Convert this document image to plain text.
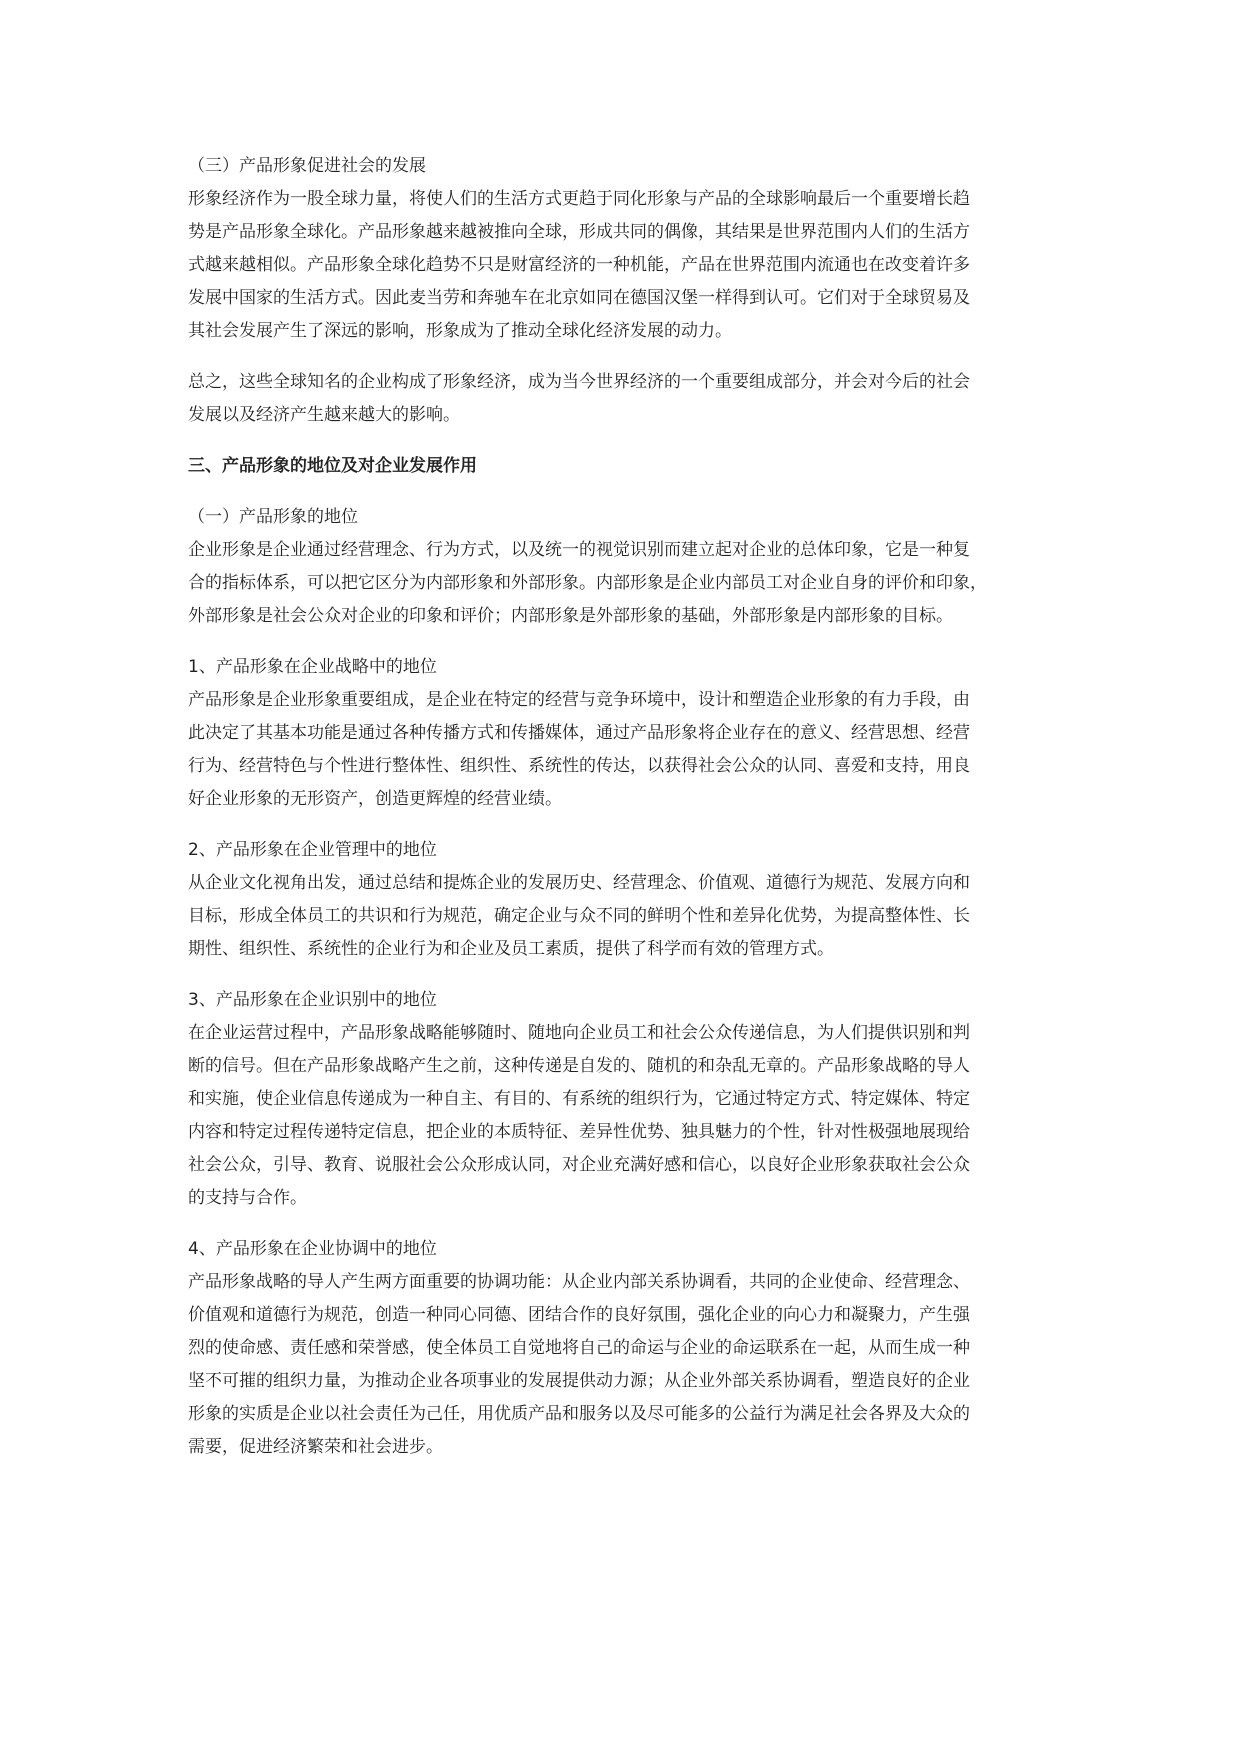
（三）产品形象促进社会的发展

形象经济作为一股全球力量，将使人们的生活方式更趋于同化形象与产品的全球影响最后一个重要增长趋

势是产品形象全球化。产品形象越来越被推向全球，形成共同的偶像，其结果是世界范围内人们的生活方

式越来越相似。产品形象全球化趋势不只是财富经济的一种机能，产品在世界范围内流通也在改变着许多

发展中国家的生活方式。因此麦当劳和奔驰车在北京如同在德国汉堡一样得到认可。它们对于全球贸易及

其社会发展产生了深远的影响，形象成为了推动全球化经济发展的动力。

总之，这些全球知名的企业构成了形象经济，成为当今世界经济的一个重要组成部分，并会对今后的社会

发展以及经济产生越来越大的影响。

三、产品形象的地位及对企业发展作用

（一）产品形象的地位

企业形象是企业通过经营理念、行为方式，以及统一的视觉识别而建立起对企业的总体印象，它是一种复

合的指标体系，可以把它区分为内部形象和外部形象。内部形象是企业内部员工对企业自身的评价和印象，

外部形象是社会公众对企业的印象和评价；内部形象是外部形象的基础，外部形象是内部形象的目标。

1、产品形象在企业战略中的地位

产品形象是企业形象重要组成，是企业在特定的经营与竞争环境中，设计和塑造企业形象的有力手段，由

此决定了其基本功能是通过各种传播方式和传播媒体，通过产品形象将企业存在的意义、经营思想、经营

行为、经营特色与个性进行整体性、组织性、系统性的传达，以获得社会公众的认同、喜爱和支持，用良

好企业形象的无形资产，创造更辉煌的经营业绩。

2、产品形象在企业管理中的地位

从企业文化视角出发，通过总结和提炼企业的发展历史、经营理念、价值观、道德行为规范、发展方向和

目标，形成全体员工的共识和行为规范，确定企业与众不同的鲜明个性和差异化优势，为提高整体性、长

期性、组织性、系统性的企业行为和企业及员工素质，提供了科学而有效的管理方式。

3、产品形象在企业识别中的地位

在企业运营过程中，产品形象战略能够随时、随地向企业员工和社会公众传递信息，为人们提供识别和判

断的信号。但在产品形象战略产生之前，这种传递是自发的、随机的和杂乱无章的。产品形象战略的导人

和实施，使企业信息传递成为一种自主、有目的、有系统的组织行为，它通过特定方式、特定媒体、特定

内容和特定过程传递特定信息，把企业的本质特征、差异性优势、独具魅力的个性，针对性极强地展现给

社会公众，引导、教育、说服社会公众形成认同，对企业充满好感和信心，以良好企业形象获取社会公众

的支持与合作。

4、产品形象在企业协调中的地位

产品形象战略的导人产生两方面重要的协调功能：从企业内部关系协调看，共同的企业使命、经营理念、

价值观和道德行为规范，创造一种同心同德、团结合作的良好氛围，强化企业的向心力和凝聚力，产生强

烈的使命感、责任感和荣誉感，使全体员工自觉地将自己的命运与企业的命运联系在一起，从而生成一种

坚不可摧的组织力量，为推动企业各项事业的发展提供动力源；从企业外部关系协调看，塑造良好的企业

形象的实质是企业以社会责任为己任，用优质产品和服务以及尽可能多的公益行为满足社会各界及大众的

需要，促进经济繁荣和社会进步。
